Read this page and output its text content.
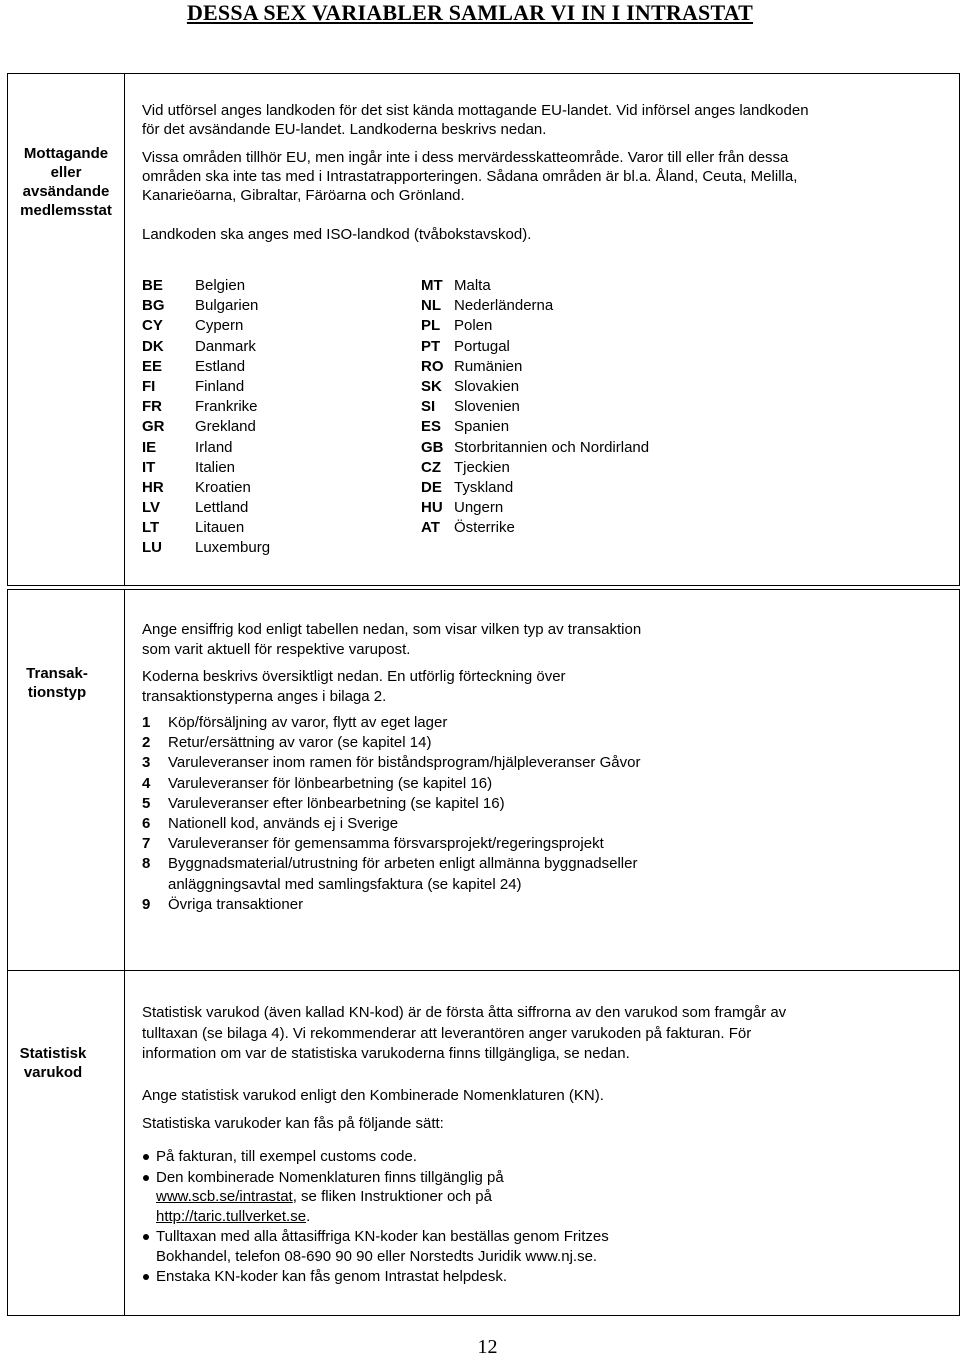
DESSA SEX VARIABLER SAMLAR VI IN I INTRASTAT
Mottagande eller avsändande medlemsstat

Vid utförsel anges landkoden för det sist kända mottagande EU-landet. Vid införsel anges landkoden för det avsändande EU-landet. Landkoderna beskrivs nedan.

Vissa områden tillhör EU, men ingår inte i dess mervärdesskatteområde. Varor till eller från dessa områden ska inte tas med i Intrastatrapporteringen. Sådana områden är bl.a. Åland, Ceuta, Melilla, Kanarieöarna, Gibraltar, Färöarna och Grönland.

Landkoden ska anges med ISO-landkod (tvåbokstavskod).

BE Belgien
BG Bulgarien
CY Cypern
DK Danmark
EE Estland
FI	Finland
FR Frankrike
GR Grekland
IE	Irland
IT	Italien
HR Kroatien
LV Lettland
LT Litauen
LU Luxemburg
MT Malta
NL Nederländerna
PL Polen
PT Portugal
RO Rumänien
SK Slovakien
SI Slovenien
ES Spanien
GB Storbritannien och Nordirland
CZ Tjeckien
DE Tyskland
HU Ungern
AT Österrike
Transak-tionstyp

Ange ensiffrig kod enligt tabellen nedan, som visar vilken typ av transaktion som varit aktuell för respektive varupost.

Koderna beskrivs översiktligt nedan. En utförlig förteckning över transaktionstyperna anges i bilaga 2.

1	Köp/försäljning av varor, flytt av eget lager
2	Retur/ersättning av varor (se kapitel 14)
3	Varuleveranser inom ramen för biståndsprogram/hjälpleveranser Gåvor
4	Varuleveranser för lönbearbetning (se kapitel 16)
5	Varuleveranser efter lönbearbetning (se kapitel 16)
6	Nationell kod, används ej i Sverige
7	Varuleveranser för gemensamma försvarsprojekt/regeringsprojekt
8	Byggnadsmaterial/utrustning för arbeten enligt allmänna byggnadseller anläggningsavtal med samlingsfaktura (se kapitel 24)
9	Övriga transaktioner
Statistisk varukod

Statistisk varukod (även kallad KN-kod) är de första åtta siffrorna av den varukod som framgår av tulltaxan (se bilaga 4). Vi rekommenderar att leverantören anger varukoden på fakturan. För information om var de statistiska varukoderna finns tillgängliga, se nedan.

Ange statistisk varukod enligt den Kombinerade Nomenklaturen (KN).

Statistiska varukoder kan fås på följande sätt:

På fakturan, till exempel customs code.
Den kombinerade Nomenklaturen finns tillgänglig på
www.scb.se/intrastat, se fliken Instruktioner och på
http://taric.tullverket.se.
Tulltaxan med alla åttasiffriga KN-koder kan beställas genom Fritzes Bokhandel, telefon 08-690 90 90 eller Norstedts Juridik www.nj.se.
Enstaka KN-koder kan fås genom Intrastat helpdesk.
12
